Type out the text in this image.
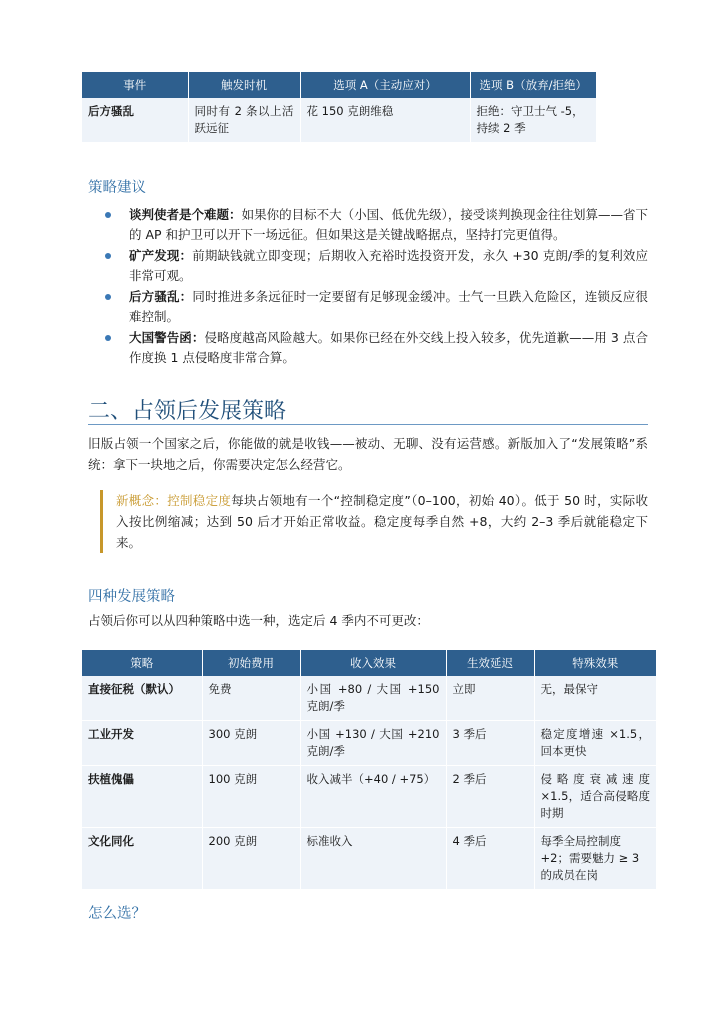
事件	触发时机	选项 A（主动应对）	选项 B（放弃/拒绝）
后方骚乱	同时有 2 条以上活跃远征	花 150 克朗维稳	拒绝：守卫士气 -5，持续 2 季
策略建议
谈判使者是个难题：如果你的目标不大（小国、低优先级），接受谈判换现金往往划算——省下的 AP 和护卫可以开下一场远征。但如果这是关键战略据点，坚持打完更值得。
矿产发现：前期缺钱就立即变现；后期收入充裕时选投资开发，永久 +30 克朗/季的复利效应非常可观。
后方骚乱：同时推进多条远征时一定要留有足够现金缓冲。士气一旦跌入危险区，连锁反应很难控制。
大国警告函：侵略度越高风险越大。如果你已经在外交线上投入较多，优先道歉——用 3 点合作度换 1 点侵略度非常合算。
二、占领后发展策略
旧版占领一个国家之后，你能做的就是收钱——被动、无聊、没有运营感。新版加入了“发展策略”系统：拿下一块地之后，你需要决定怎么经营它。
新概念：控制稳定度每块占领地有一个“控制稳定度”（0–100，初始 40）。低于 50 时，实际收入按比例缩减；达到 50 后才开始正常收益。稳定度每季自然 +8，大约 2–3 季后就能稳定下来。
四种发展策略
占领后你可以从四种策略中选一种，选定后 4 季内不可更改：
策略	初始费用	收入效果	生效延迟	特殊效果
直接征税（默认）	免费	小国 +80 / 大国 +150 克朗/季	立即	无，最保守
工业开发	300 克朗	小国 +130 / 大国 +210 克朗/季	3 季后	稳定度增速 ×1.5，回本更快
扶植傀儡	100 克朗	收入减半（+40 / +75）	2 季后	侵略度衰减速度 ×1.5，适合高侵略度时期
文化同化	200 克朗	标准收入	4 季后	每季全局控制度 +2；需要魅力 ≥ 3 的成员在岗
怎么选？
